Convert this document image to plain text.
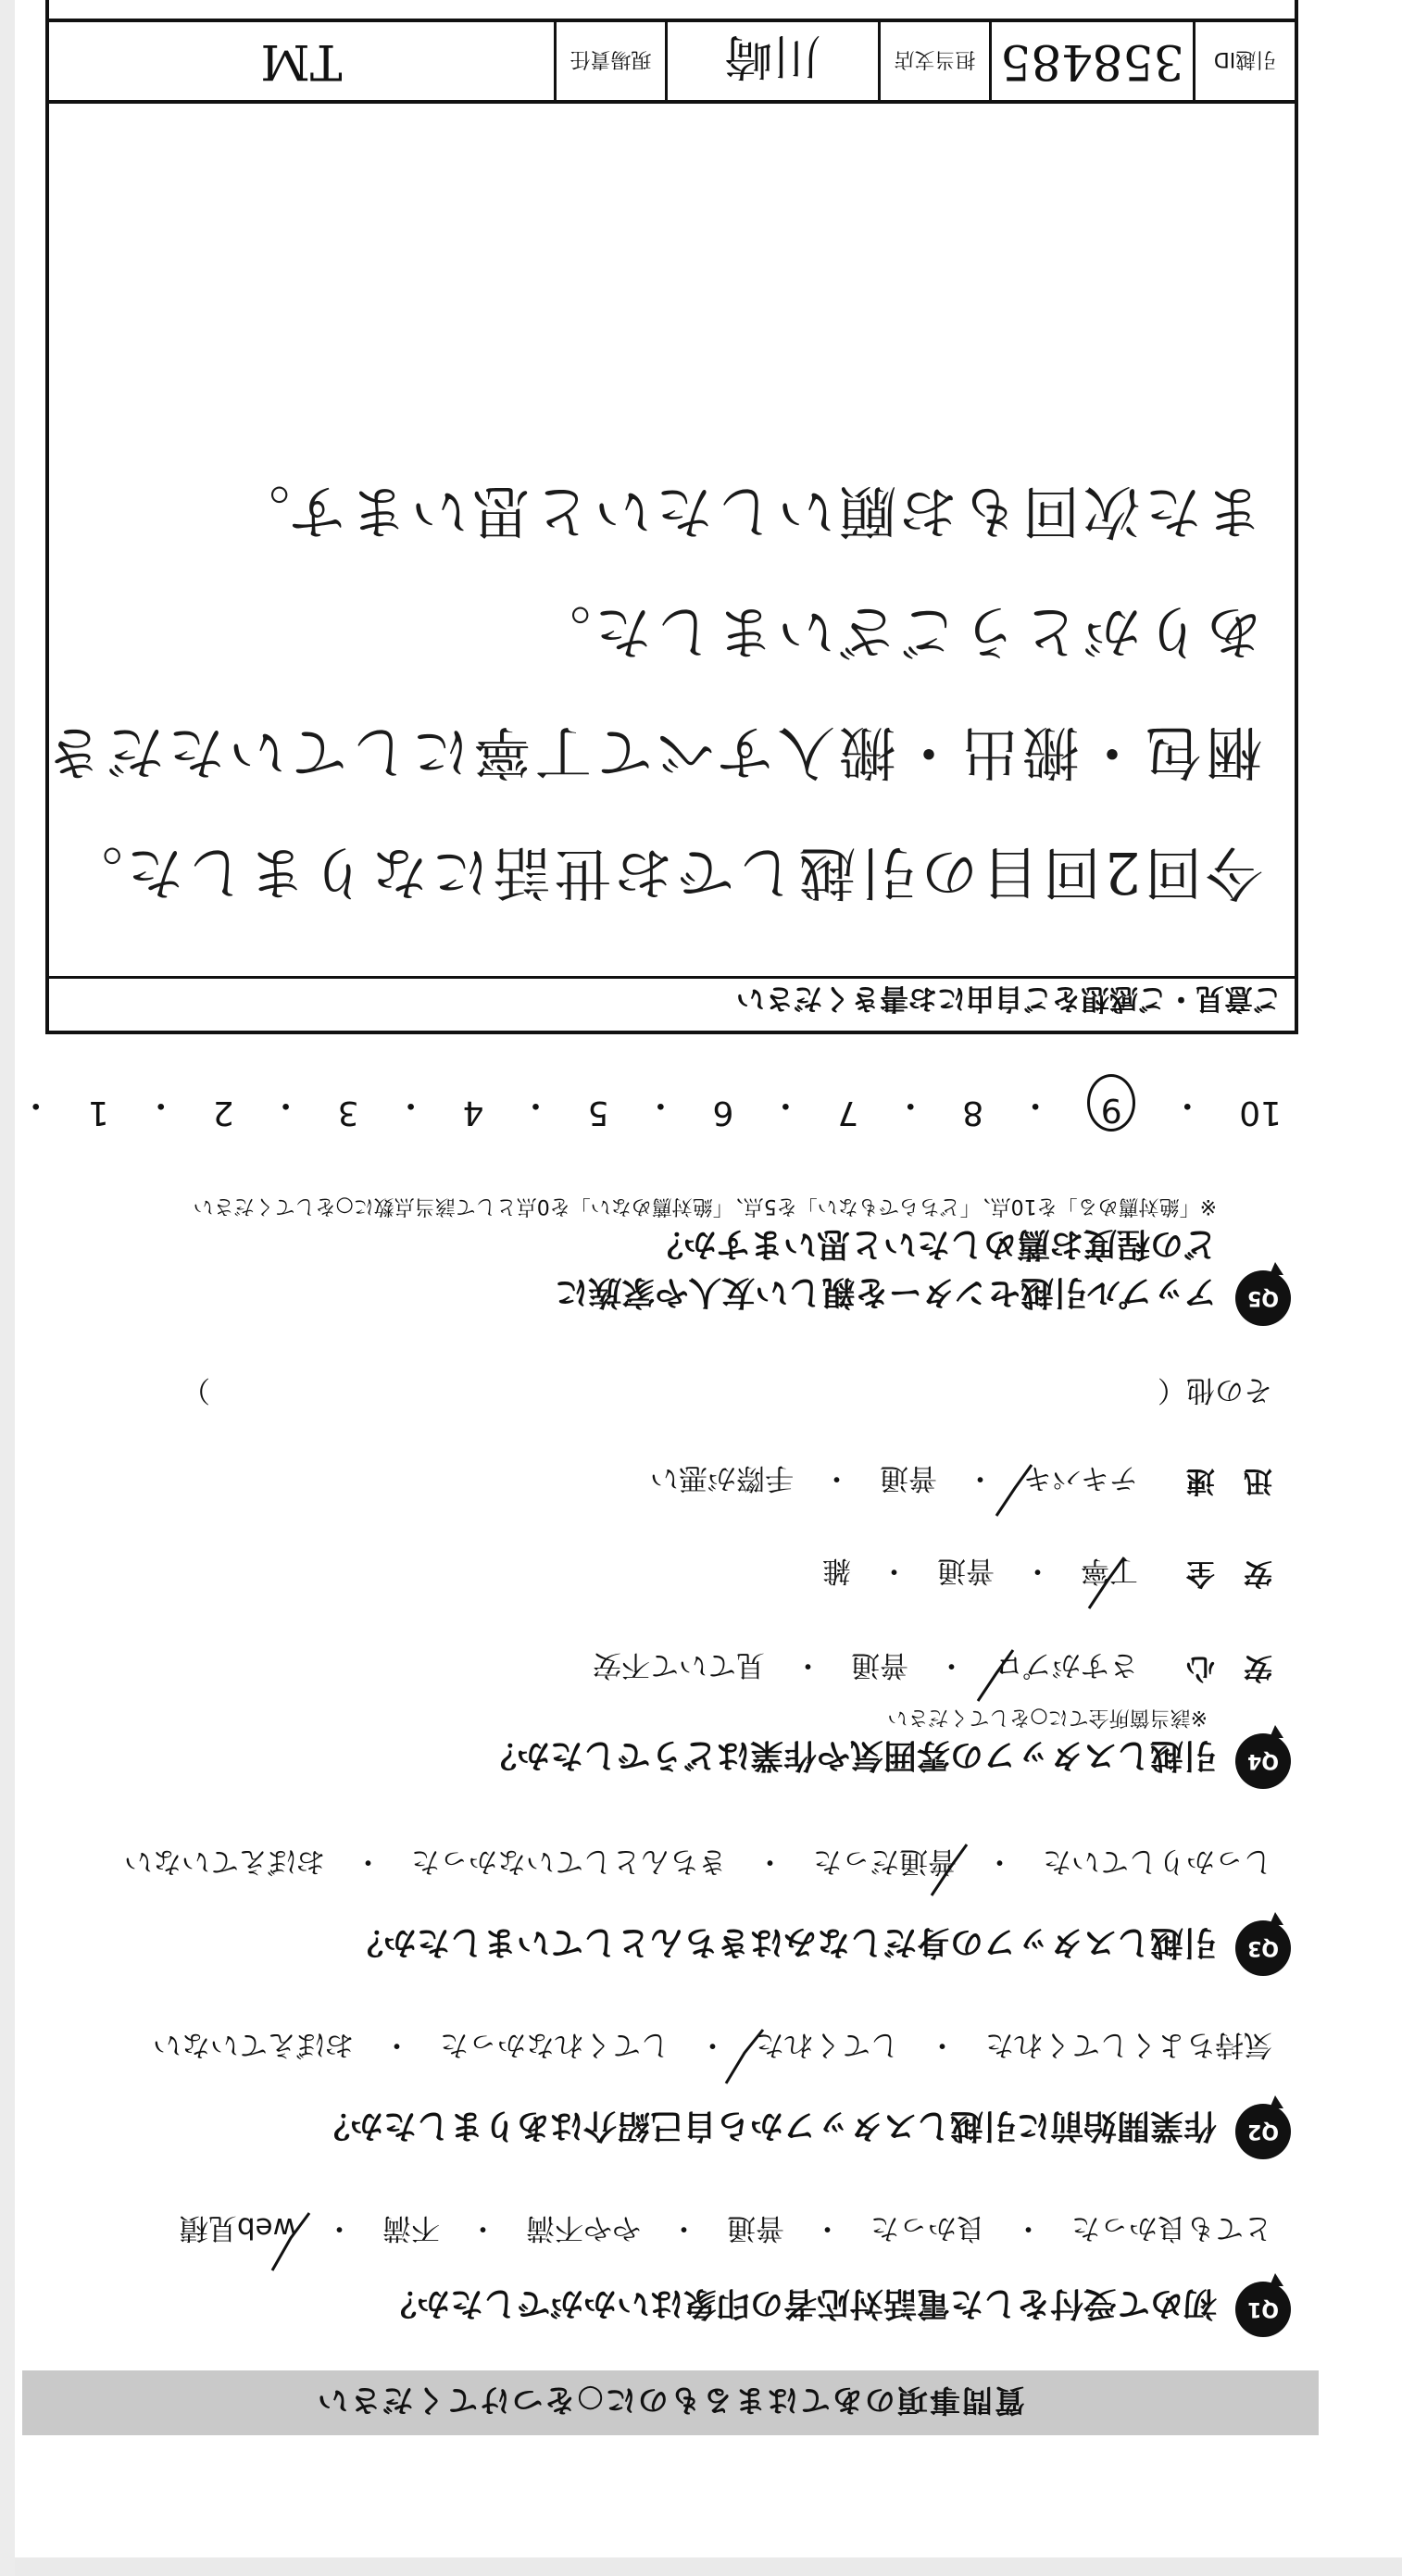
質問事項のあてはまるものに○をつけてください
Q1
初めて受付をした電話対応者の印象はいかがでしたか？
とても良かった　・　良かった　・　普通　・　やや不満　・　不満　・　web見積
Q2
作業開始前に引越しスタッフから自己紹介はありましたか？
気持ちよくしてくれた　・　してくれた　・　してくれなかった　・　おぼえていない
Q3
引越しスタッフの身だしなみはきちんとしていましたか？
しっかりしていた　・　普通だった　・　きちんとしていなかった　・　おぼえていない
Q4
引越しスタッフの雰囲気や作業はどうでしたか？
※該当箇所全てに○をしてください
安　心
さすがプロ　・　普通　・　見ていて不安
安　全
丁寧　・　普通　・　雑
迅　速
テキパキ　・　普通　・　手際が悪い
その他（　　　　　　　　　　　　　　　　　　　　　　　　　　　　　　　　　）
Q5
アップル引越センターを親しい友人や家族に
どの程度お薦めしたいと思いますか？
※「絶対薦める」を10点、「どちらでもない」を5点、「絶対薦めない」を0点として該当点数に○をしてください
10
・
9
・
8
・
7
・
6
・
5
・
4
・
3
・
2
・
1
・
ご意見・ご感想をご自由にお書きください
今回2回目の引越しでお世話になりました。
梱包・搬出・搬入すべて丁寧にしていただき
ありがとうございました。
また次回もお願いしたいと思います。
引越ID
358485
担当支店
川崎
現場責任
TM
